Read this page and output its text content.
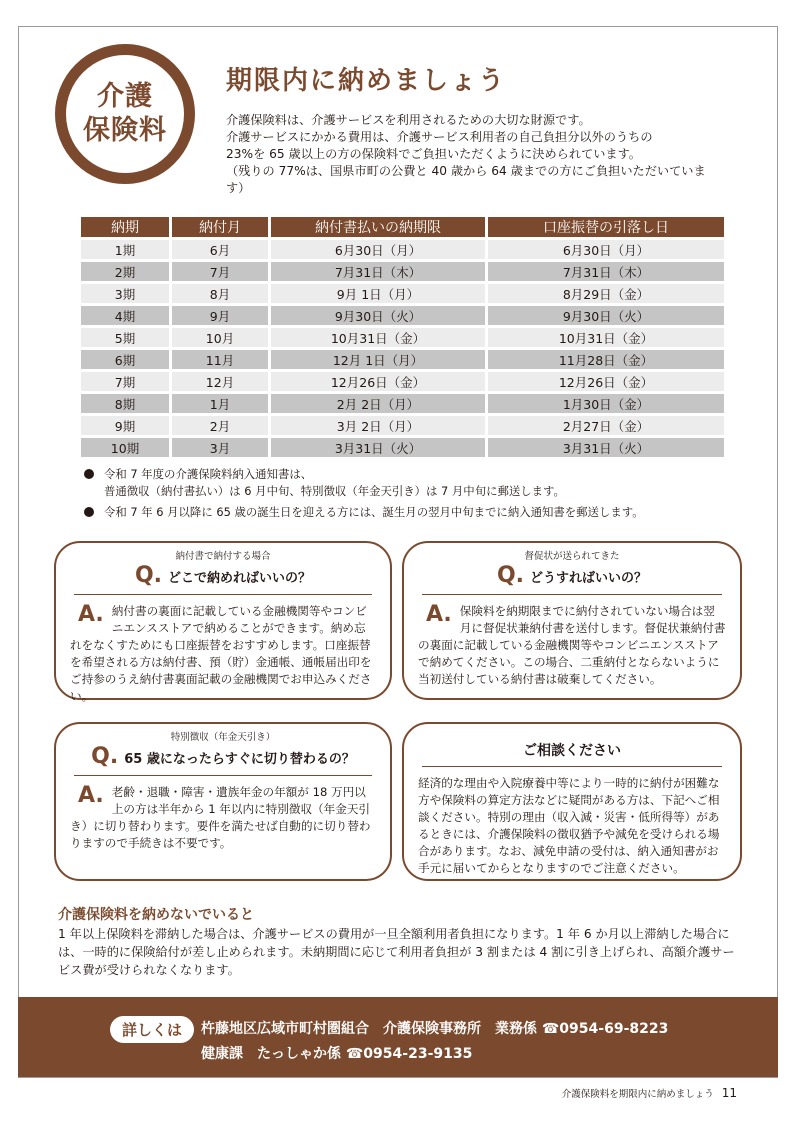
介護
保険料
期限内に納めましょう

介護保険料は、介護サービスを利用されるための大切な財源です。

介護サービスにかかる費用は、介護サービス利用者の自己負担分以外のうちの

23%を 65 歳以上の方の保険料でご負担いただくように決められています。

（残りの 77%は、国県市町の公費と 40 歳から 64 歳までの方にご負担いただいています）

納期	納付月	納付書払いの納期限	口座振替の引落し日
1期	6月	6月30日（月）	6月30日（月）
2期	7月	7月31日（木）	7月31日（木）
3期	8月	9月 1日（月）	8月29日（金）
4期	9月	9月30日（火）	9月30日（火）
5期	10月	10月31日（金）	10月31日（金）
6期	11月	12月 1日（月）	11月28日（金）
7期	12月	12月26日（金）	12月26日（金）
8期	1月	2月 2日（月）	1月30日（金）
9期	2月	3月 2日（月）	2月27日（金）
10期	3月	3月31日（火）	3月31日（火）
令和 7 年度の介護保険料納入通知書は、
普通徴収（納付書払い）は 6 月中旬、特別徴収（年金天引き）は 7 月中旬に郵送します。
令和 7 年 6 月以降に 65 歳の誕生日を迎える方には、誕生月の翌月中旬までに納入通知書を郵送します。
納付書で納付する場合
Q. どこで納めればいいの？
A. 納付書の裏面に記載している金融機関等やコンビニエンスストアで納めることができます。納め忘れをなくすためにも口座振替をおすすめします。口座振替を希望される方は納付書、預（貯）金通帳、通帳届出印をご持参のうえ納付書裏面記載の金融機関でお申込みください。
督促状が送られてきた
Q. どうすればいいの？
A. 保険料を納期限までに納付されていない場合は翌月に督促状兼納付書を送付します。督促状兼納付書の裏面に記載している金融機関等やコンビニエンスストアで納めてください。この場合、二重納付とならないように当初送付している納付書は破棄してください。
特別徴収（年金天引き）
Q. 65 歳になったらすぐに切り替わるの？
A. 老齢・退職・障害・遺族年金の年額が 18 万円以上の方は半年から 1 年以内に特別徴収（年金天引き）に切り替わります。要件を満たせば自動的に切り替わりますので手続きは不要です。
ご相談ください
経済的な理由や入院療養中等により一時的に納付が困難な方や保険料の算定方法などに疑問がある方は、下記へご相談ください。特別の理由（収入減・災害・低所得等）があるときには、介護保険料の徴収猶予や減免を受けられる場合があります。なお、減免申請の受付は、納入通知書がお手元に届いてからとなりますのでご注意ください。
介護保険料を納めないでいると
1 年以上保険料を滞納した場合は、介護サービスの費用が一旦全額利用者負担になります。1 年 6 か月以上滞納した場合には、一時的に保険給付が差し止められます。未納期間に応じて利用者負担が 3 割または 4 割に引き上げられ、高額介護サービス費が受けられなくなります。
詳しくは	杵藤地区広域市町村圏組合　介護保険事務所　業務係 ☎0954-69-8223
健康課　たっしゃか係 ☎0954-23-9135
介護保険料を期限内に納めましょう 11
